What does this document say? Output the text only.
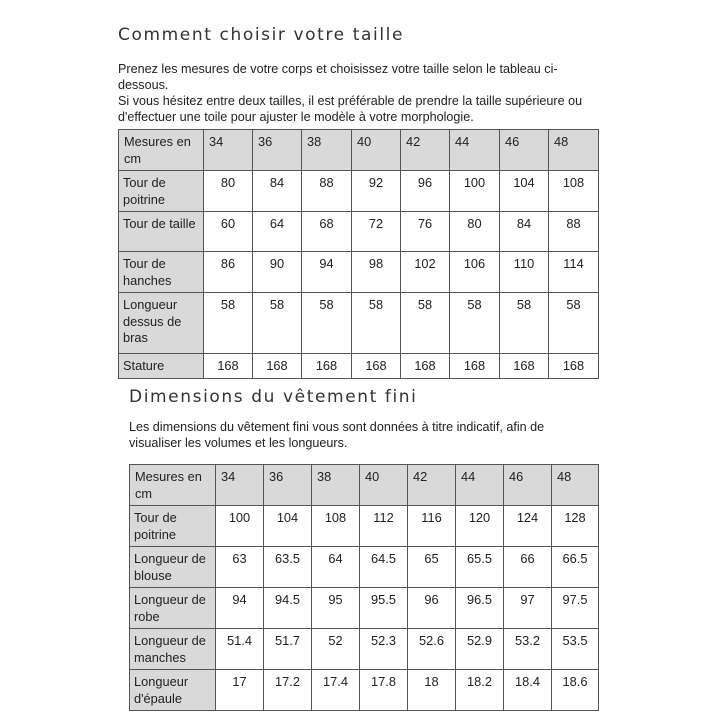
Comment choisir votre taille

Prenez les mesures de votre corps et choisissez votre taille selon le tableau ci-dessous.

Si vous hésitez entre deux tailles, il est préférable de prendre la taille supérieure ou d'effectuer une toile pour ajuster le modèle à votre morphologie.

Mesures en cm	34	36	38	40	42	44	46	48
Tour de poitrine	80	84	88	92	96	100	104	108
Tour de taille	60	64	68	72	76	80	84	88
Tour de hanches	86	90	94	98	102	106	110	114
Longueur dessus de bras	58	58	58	58	58	58	58	58
Stature	168	168	168	168	168	168	168	168
Dimensions du vêtement fini

Les dimensions du vêtement fini vous sont données à titre indicatif, afin de visualiser les volumes et les longueurs.

Mesures en cm	34	36	38	40	42	44	46	48
Tour de poitrine	100	104	108	112	116	120	124	128
Longueur de blouse	63	63.5	64	64.5	65	65.5	66	66.5
Longueur de robe	94	94.5	95	95.5	96	96.5	97	97.5
Longueur de manches	51.4	51.7	52	52.3	52.6	52.9	53.2	53.5
Longueur d'épaule	17	17.2	17.4	17.8	18	18.2	18.4	18.6
